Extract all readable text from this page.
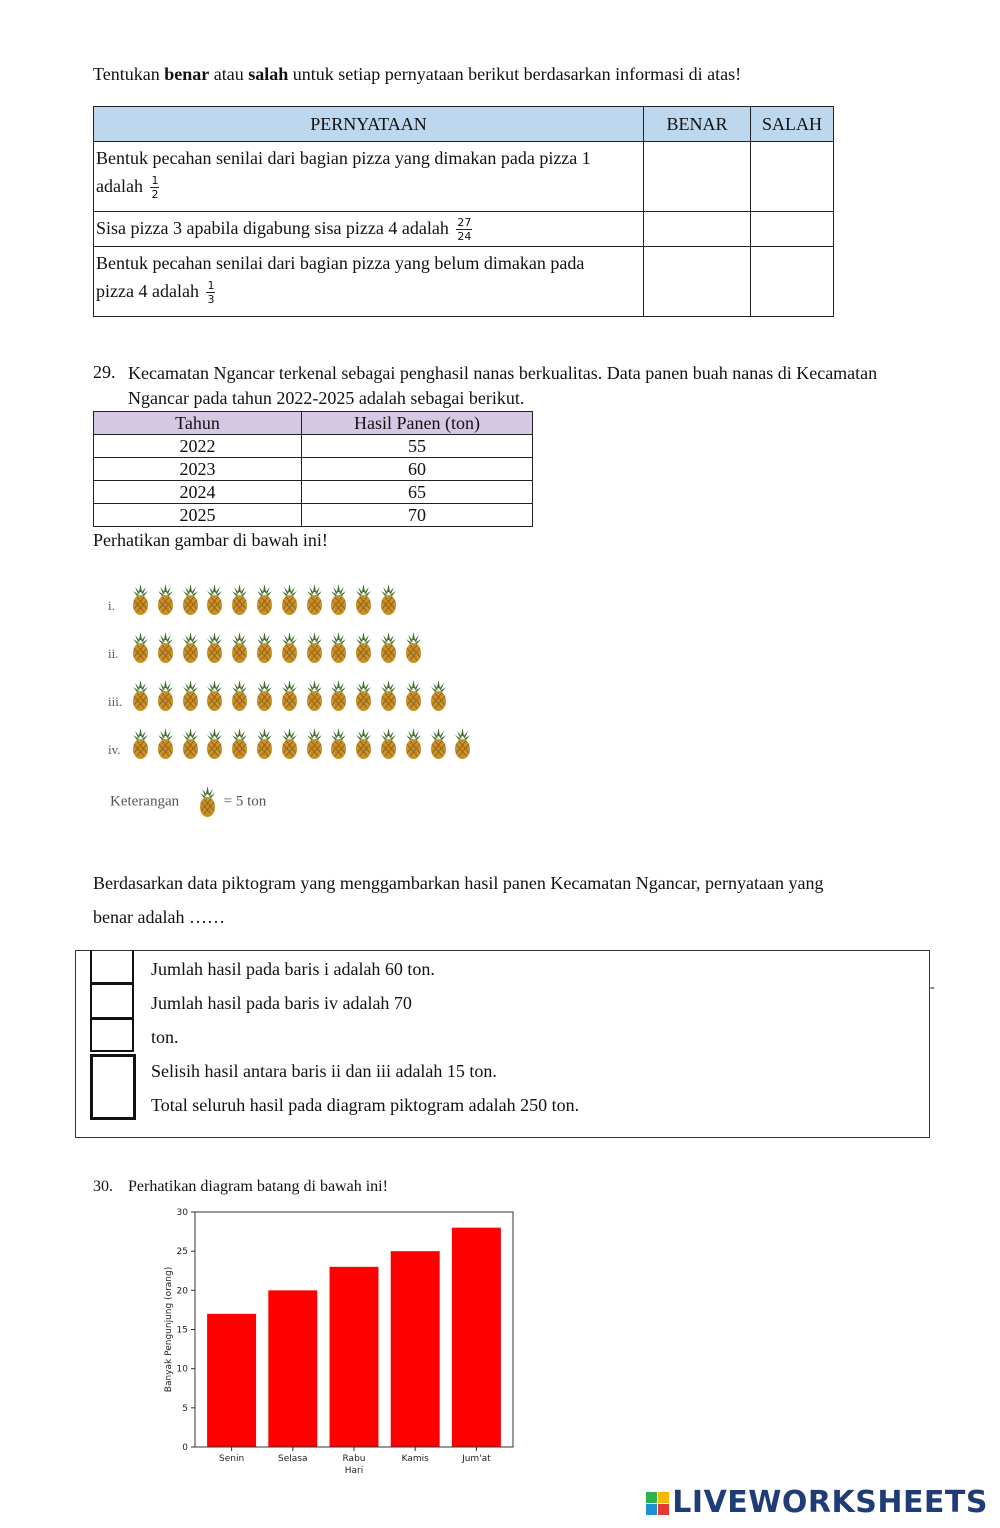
Tentukan benar atau salah untuk setiap pernyataan berikut berdasarkan informasi di atas!
PERNYATAAN	BENAR	SALAH
Bentuk pecahan senilai dari bagian pizza yang dimakan pada pizza 1
adalah $\frac{1}{2}$

Sisa pizza 3 apabila digabung sisa pizza 4 adalah $\frac{27}{24}$

Bentuk pecahan senilai dari bagian pizza yang belum dimakan pada
pizza 4 adalah $\frac{1}{3}$

29. Kecamatan Ngancar terkenal sebagai penghasil nanas berkualitas. Data panen buah nanas di Kecamatan
Ngancar pada tahun 2022-2025 adalah sebagai berikut.
Tahun	Hasil Panen (ton)
2022	55
2023	60
2024	65
2025	70
Perhatikan gambar di bawah ini!
i.
ii.
iii.
iv.
Keterangan	= 5 ton
Berdasarkan data piktogram yang menggambarkan hasil panen Kecamatan Ngancar, pernyataan yang
benar adalah ……
-
Jumlah hasil pada baris i adalah 60 ton.
Jumlah hasil pada baris iv adalah 70
ton.
Selisih hasil antara baris ii dan iii adalah 15 ton.
Total seluruh hasil pada diagram piktogram adalah 250 ton.
30. Perhatikan diagram batang di bawah ini!
Senin	Selasa	Rabu	Kamis	Jum'at
0
5
10
15
20
25
30
Hari
Banyak Pengunjung (orang)
LIVEWORKSHEETS
